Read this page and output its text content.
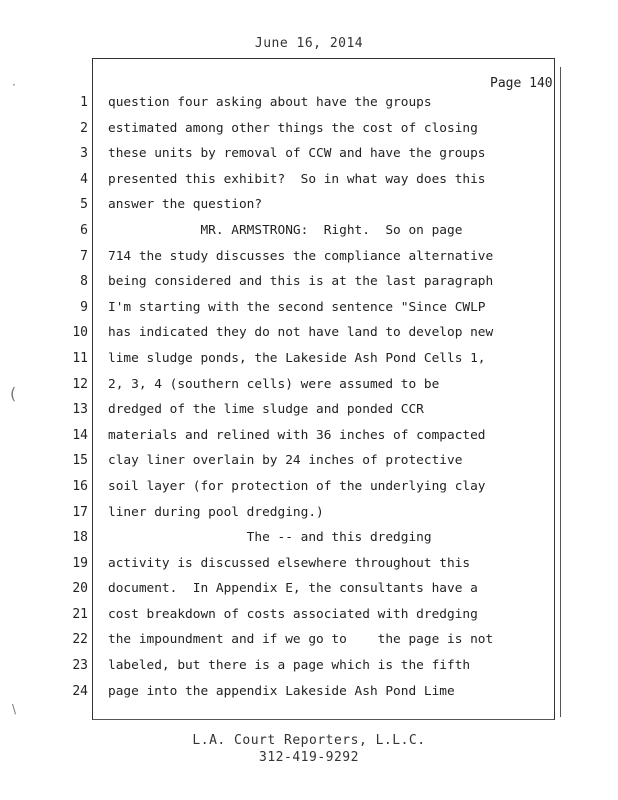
June 16, 2014
Page 140
1
2
3
4
5
6
7
8
9
10
11
12
13
14
15
16
17
18
19
20
21
22
23
24
question four asking about have the groups
estimated among other things the cost of closing
these units by removal of CCW and have the groups
presented this exhibit?  So in what way does this
answer the question?
MR. ARMSTRONG:  Right.  So on page
714 the study discusses the compliance alternative
being considered and this is at the last paragraph
I'm starting with the second sentence "Since CWLP
has indicated they do not have land to develop new
lime sludge ponds, the Lakeside Ash Pond Cells 1,
2, 3, 4 (southern cells) were assumed to be
dredged of the lime sludge and ponded CCR
materials and relined with 36 inches of compacted
clay liner overlain by 24 inches of protective
soil layer (for protection of the underlying clay
liner during pool dredging.)
The -- and this dredging
activity is discussed elsewhere throughout this
document.  In Appendix E, the consultants have a
cost breakdown of costs associated with dredging
the impoundment and if we go to    the page is not
labeled, but there is a page which is the fifth
page into the appendix Lakeside Ash Pond Lime
L.A. Court Reporters, L.L.C.
312-419-9292
·
(
\
